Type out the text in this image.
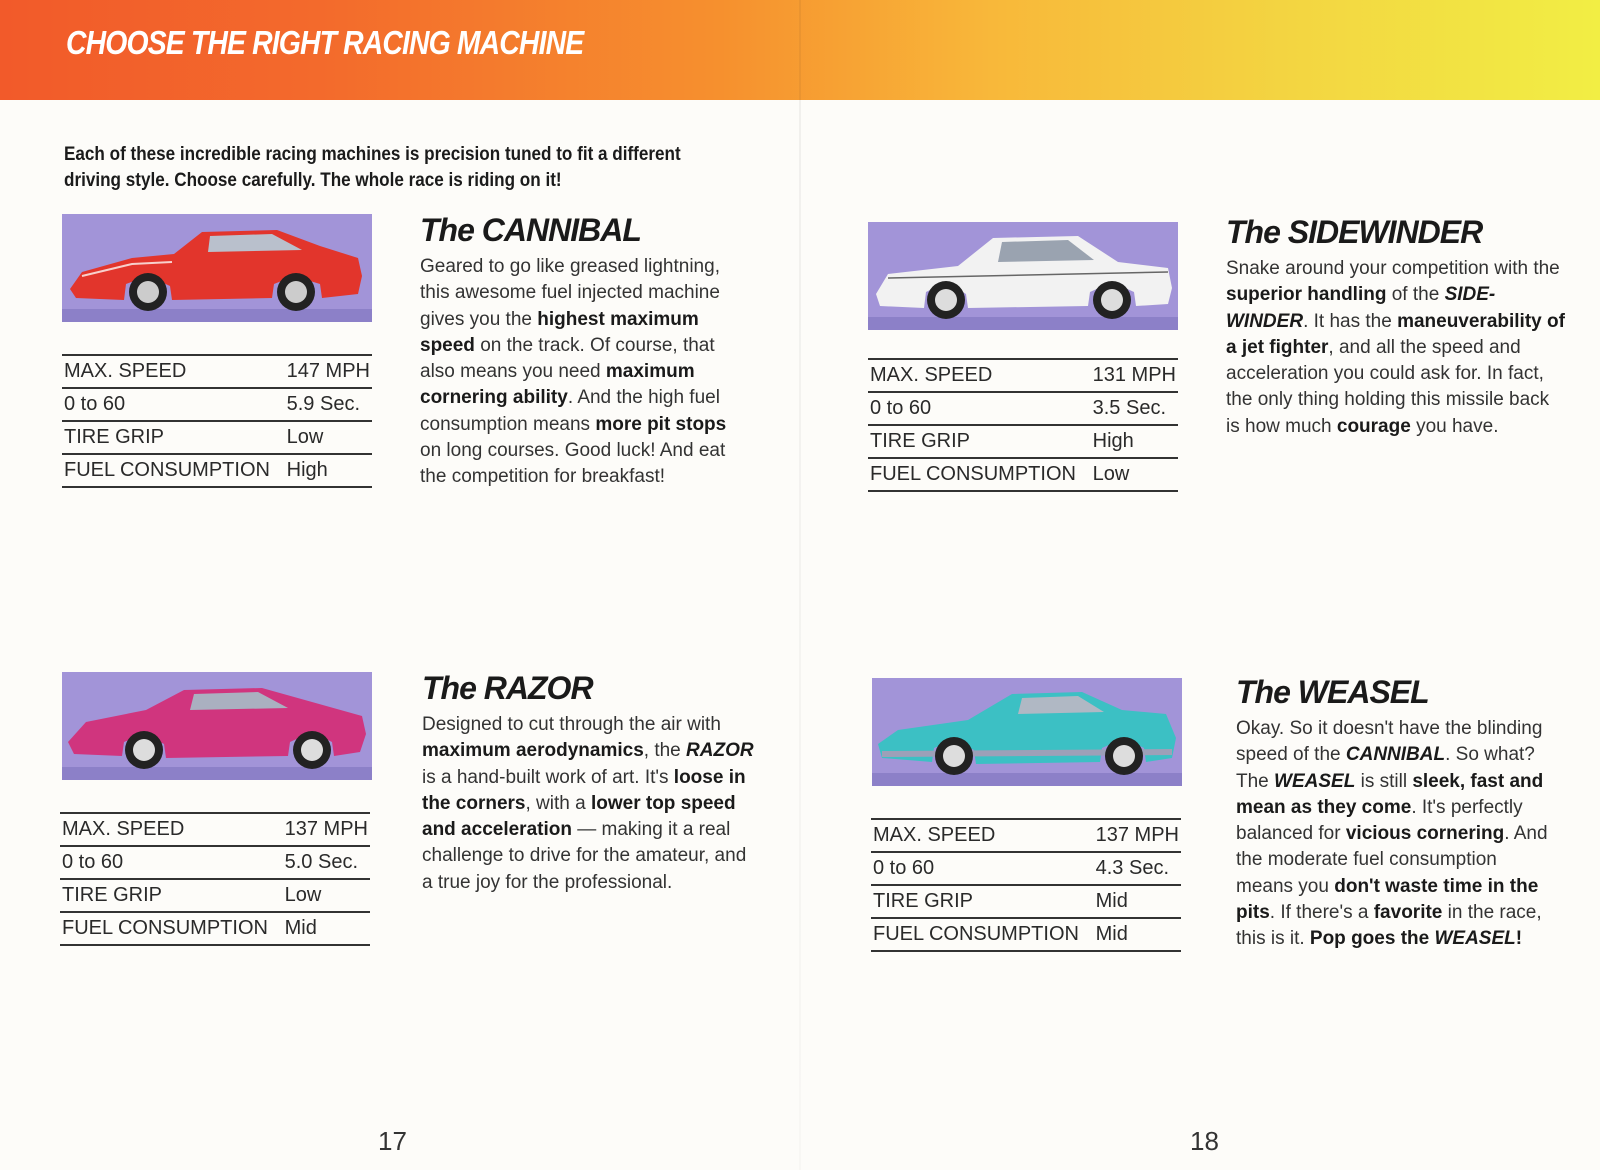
CHOOSE THE RIGHT RACING MACHINE
Each of these incredible racing machines is precision tuned to fit a different driving style. Choose carefully. The whole race is riding on it!
MAX. SPEED	147 MPH
0 to 60	5.9 Sec.
TIRE GRIP	Low
FUEL CONSUMPTION	High
The CANNIBAL
Geared to go like greased lightning, this awesome fuel injected machine gives you the highest maximum speed on the track. Of course, that also means you need maximum cornering ability. And the high fuel consumption means more pit stops on long courses. Good luck! And eat the competition for breakfast!
MAX. SPEED	131 MPH
0 to 60	3.5 Sec.
TIRE GRIP	High
FUEL CONSUMPTION	Low
The SIDEWINDER
Snake around your competition with the superior handling of the SIDE-WINDER. It has the maneuverability of a jet fighter, and all the speed and acceleration you could ask for. In fact, the only thing holding this missile back is how much courage you have.
MAX. SPEED	137 MPH
0 to 60	5.0 Sec.
TIRE GRIP	Low
FUEL CONSUMPTION	Mid
The RAZOR
Designed to cut through the air with maximum aerodynamics, the RAZOR is a hand-built work of art. It's loose in the corners, with a lower top speed and acceleration — making it a real challenge to drive for the amateur, and a true joy for the professional.
MAX. SPEED	137 MPH
0 to 60	4.3 Sec.
TIRE GRIP	Mid
FUEL CONSUMPTION	Mid
The WEASEL
Okay. So it doesn't have the blinding speed of the CANNIBAL. So what? The WEASEL is still sleek, fast and mean as they come. It's perfectly balanced for vicious cornering. And the moderate fuel consumption means you don't waste time in the pits. If there's a favorite in the race, this is it. Pop goes the WEASEL!
17	18
